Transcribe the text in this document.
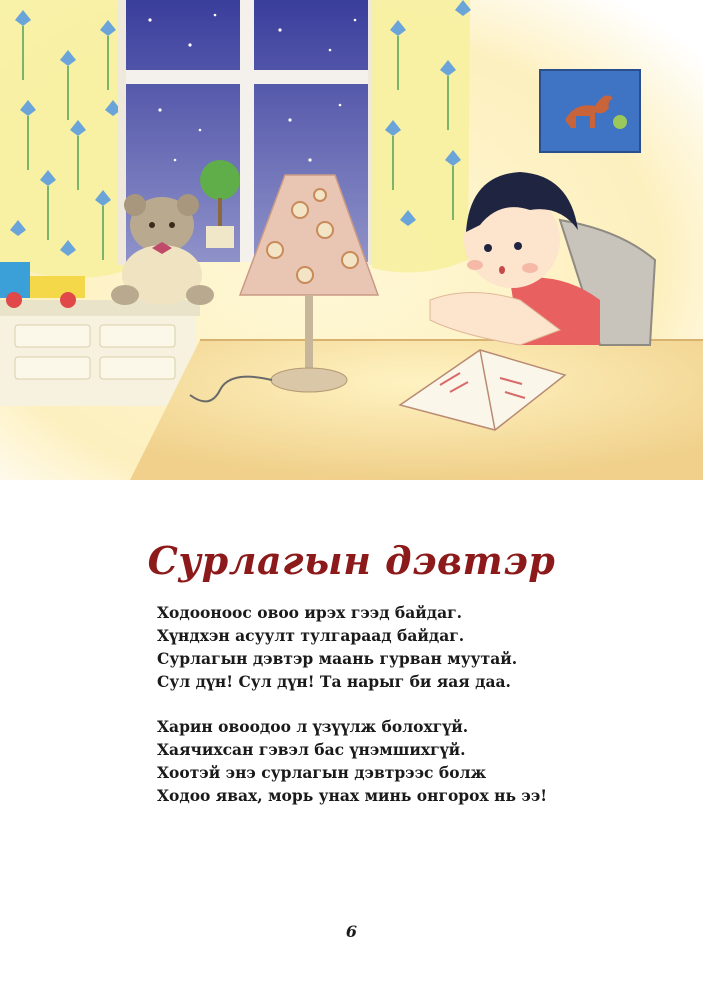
Сурлагын дэвтэр
Ходооноос овоо ирэх гээд байдаг.
Хүндхэн асуулт тулгараад байдаг.
Сурлагын дэвтэр маань гурван муутай.
Сул дүн! Сул дүн! Та нарыг би яая даа.
Харин овоодоо л үзүүлж болохгүй.
Хаячихсан гэвэл бас үнэмшихгүй.
Хоотэй энэ сурлагын дэвтрээс болж
Ходоо явах, морь унах минь онгорох нь ээ!
6
